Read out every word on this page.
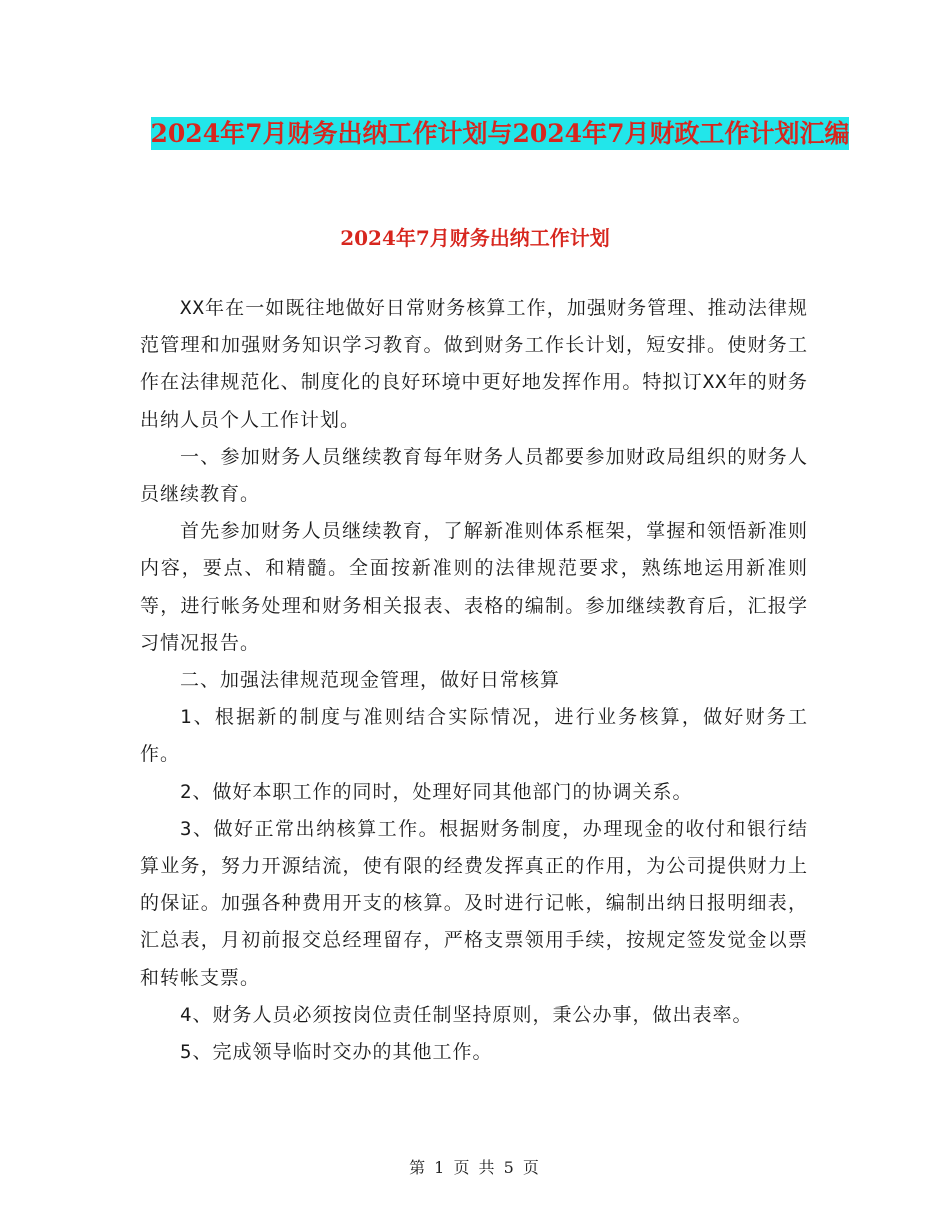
2024年7月财务出纳工作计划与2024年7月财政工作计划汇编
2024年7月财务出纳工作计划

XX年在一如既往地做好日常财务核算工作，加强财务管理、推动法律规范管理和加强财务知识学习教育。做到财务工作长计划，短安排。使财务工作在法律规范化、制度化的良好环境中更好地发挥作用。特拟订XX年的财务出纳人员个人工作计划。

一、参加财务人员继续教育每年财务人员都要参加财政局组织的财务人员继续教育。

首先参加财务人员继续教育，了解新准则体系框架，掌握和领悟新准则内容，要点、和精髓。全面按新准则的法律规范要求，熟练地运用新准则等，进行帐务处理和财务相关报表、表格的编制。参加继续教育后，汇报学习情况报告。

二、加强法律规范现金管理，做好日常核算

1、根据新的制度与准则结合实际情况，进行业务核算，做好财务工作。

2、做好本职工作的同时，处理好同其他部门的协调关系。

3、做好正常出纳核算工作。根据财务制度，办理现金的收付和银行结算业务，努力开源结流，使有限的经费发挥真正的作用，为公司提供财力上的保证。加强各种费用开支的核算。及时进行记帐，编制出纳日报明细表，汇总表，月初前报交总经理留存，严格支票领用手续，按规定签发觉金以票和转帐支票。

4、财务人员必须按岗位责任制坚持原则，秉公办事，做出表率。

5、完成领导临时交办的其他工作。

第 1 页 共 5 页
